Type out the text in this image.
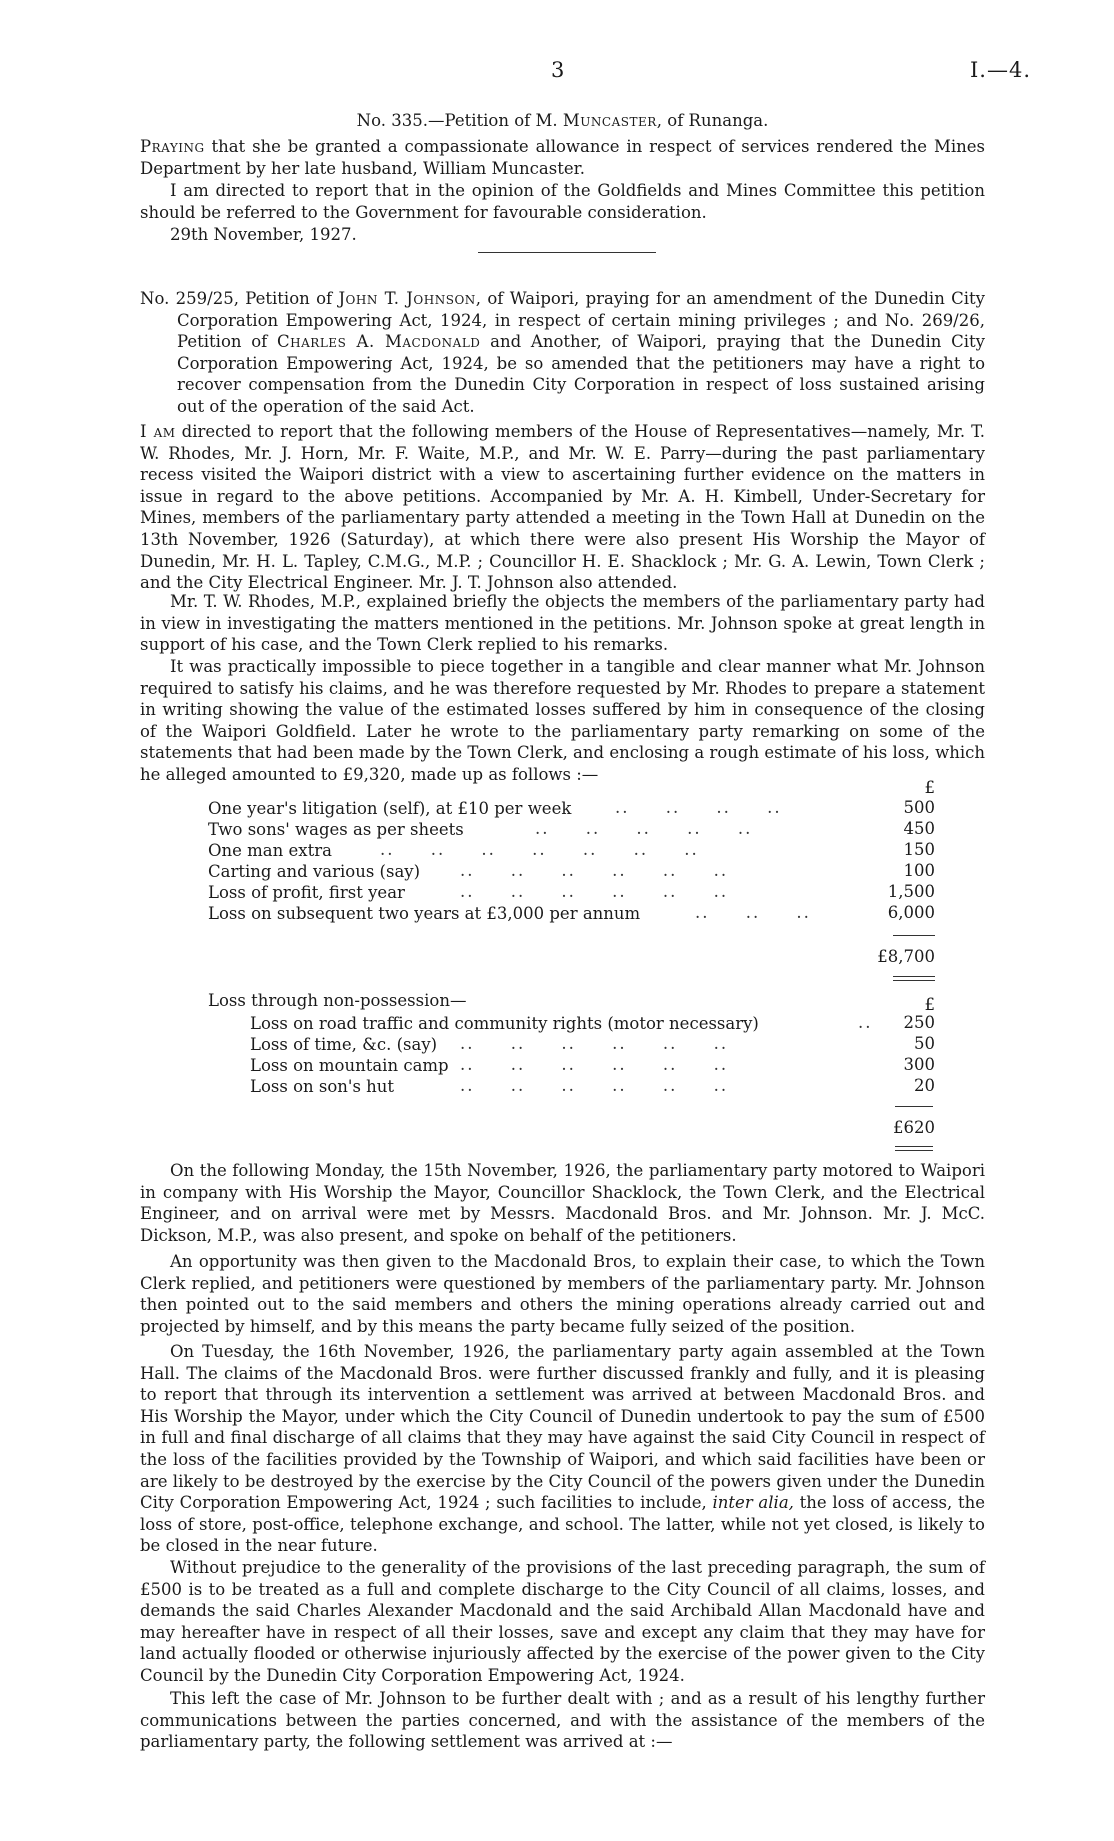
3	I.—4.
No. 335.—Petition of M. Muncaster, of Runanga.
Praying that she be granted a compassionate allowance in respect of services rendered the Mines Department by her late husband, William Muncaster.
I am directed to report that in the opinion of the Goldfields and Mines Committee this petition should be referred to the Government for favourable consideration.
29th November, 1927.
No. 259/25, Petition of John T. Johnson, of Waipori, praying for an amendment of the Dunedin City Corporation Empowering Act, 1924, in respect of certain mining privileges ; and No. 269/26, Petition of Charles A. Macdonald and Another, of Waipori, praying that the Dunedin City Corporation Empowering Act, 1924, be so amended that the petitioners may have a right to recover compensation from the Dunedin City Corporation in respect of loss sustained arising out of the operation of the said Act.
I am directed to report that the following members of the House of Representatives—namely, Mr. T. W. Rhodes, Mr. J. Horn, Mr. F. Waite, M.P., and Mr. W. E. Parry—during the past parliamentary recess visited the Waipori district with a view to ascertaining further evidence on the matters in issue in regard to the above petitions. Accompanied by Mr. A. H. Kimbell, Under-Secretary for Mines, members of the parliamentary party attended a meeting in the Town Hall at Dunedin on the 13th November, 1926 (Saturday), at which there were also present His Worship the Mayor of Dunedin, Mr. H. L. Tapley, C.M.G., M.P. ; Councillor H. E. Shacklock ; Mr. G. A. Lewin, Town Clerk ; and the City Electrical Engineer. Mr. J. T. Johnson also attended.
Mr. T. W. Rhodes, M.P., explained briefly the objects the members of the parliamentary party had in view in investigating the matters mentioned in the petitions. Mr. Johnson spoke at great length in support of his case, and the Town Clerk replied to his remarks.
It was practically impossible to piece together in a tangible and clear manner what Mr. Johnson required to satisfy his claims, and he was therefore requested by Mr. Rhodes to prepare a statement in writing showing the value of the estimated losses suffered by him in consequence of the closing of the Waipori Goldfield. Later he wrote to the parliamentary party remarking on some of the statements that had been made by the Town Clerk, and enclosing a rough estimate of his loss, which he alleged amounted to £9,320, made up as follows :—
£
One year's litigation (self), at £10 per week	..     ..     ..     ..	500
Two sons' wages as per sheets	..     ..     ..     ..     ..	450
One man extra	..     ..     ..     ..     ..     ..     ..	150
Carting and various (say) ..     ..     ..     ..     ..     ..	100
Loss of profit, first year	..     ..     ..     ..     ..     ..	1,500
Loss on subsequent two years at £3,000 per annum	..     ..     ..	6,000
£8,700
Loss through non-possession—	£
Loss on road traffic and community rights (motor necessary)	..	250
Loss of time, &c. (say) ..     ..     ..     ..     ..     ..	50
Loss on mountain camp ..     ..     ..     ..     ..     ..	300
Loss on son's hut	..     ..     ..     ..     ..     ..	20
£620
On the following Monday, the 15th November, 1926, the parliamentary party motored to Waipori in company with His Worship the Mayor, Councillor Shacklock, the Town Clerk, and the Electrical Engineer, and on arrival were met by Messrs. Macdonald Bros. and Mr. Johnson. Mr. J. McC. Dickson, M.P., was also present, and spoke on behalf of the petitioners.
An opportunity was then given to the Macdonald Bros, to explain their case, to which the Town Clerk replied, and petitioners were questioned by members of the parliamentary party. Mr. Johnson then pointed out to the said members and others the mining operations already carried out and projected by himself, and by this means the party became fully seized of the position.
On Tuesday, the 16th November, 1926, the parliamentary party again assembled at the Town Hall. The claims of the Macdonald Bros. were further discussed frankly and fully, and it is pleasing to report that through its intervention a settlement was arrived at between Macdonald Bros. and His Worship the Mayor, under which the City Council of Dunedin undertook to pay the sum of £500 in full and final discharge of all claims that they may have against the said City Council in respect of the loss of the facilities provided by the Township of Waipori, and which said facilities have been or are likely to be destroyed by the exercise by the City Council of the powers given under the Dunedin City Corporation Empowering Act, 1924 ; such facilities to include, inter alia, the loss of access, the loss of store, post-office, telephone exchange, and school. The latter, while not yet closed, is likely to be closed in the near future.
Without prejudice to the generality of the provisions of the last preceding paragraph, the sum of £500 is to be treated as a full and complete discharge to the City Council of all claims, losses, and demands the said Charles Alexander Macdonald and the said Archibald Allan Macdonald have and may hereafter have in respect of all their losses, save and except any claim that they may have for land actually flooded or otherwise injuriously affected by the exercise of the power given to the City Council by the Dunedin City Corporation Empowering Act, 1924.
This left the case of Mr. Johnson to be further dealt with ; and as a result of his lengthy further communications between the parties concerned, and with the assistance of the members of the parliamentary party, the following settlement was arrived at :—
